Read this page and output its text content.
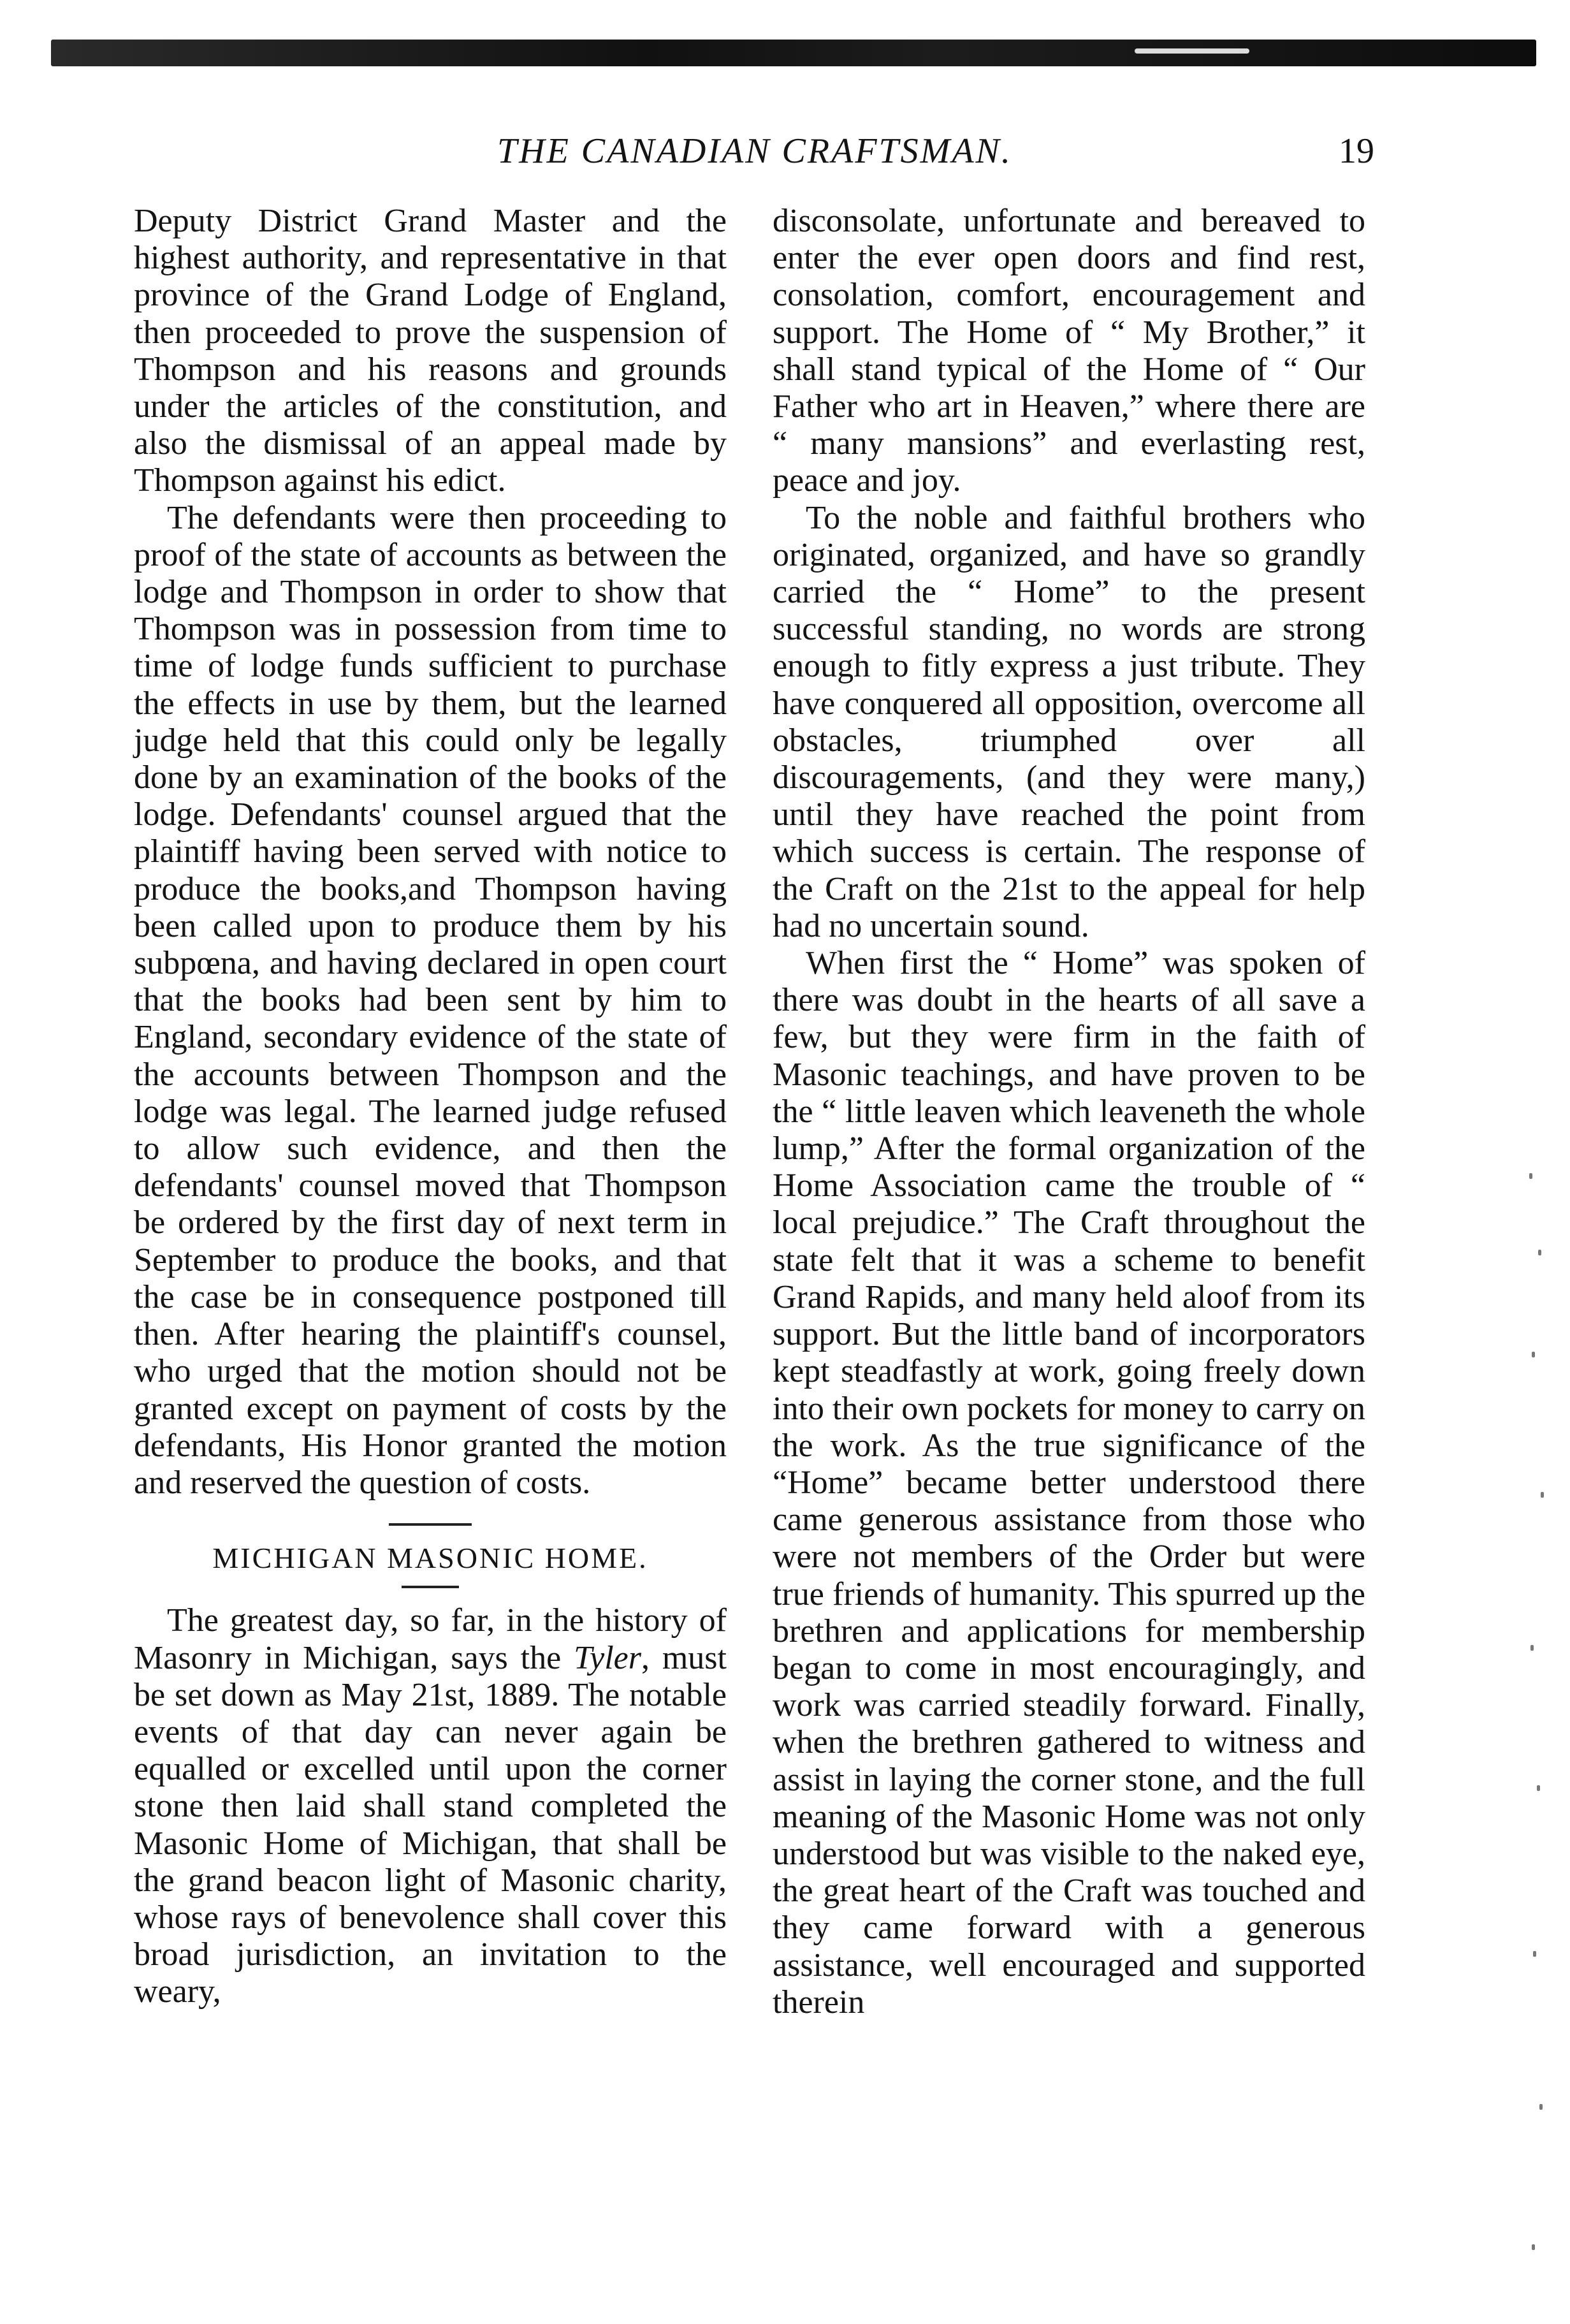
THE CANADIAN CRAFTSMAN.	19

Deputy District Grand Master and the highest authority, and representative in that province of the Grand Lodge of England, then proceeded to prove the suspension of Thompson and his reasons and grounds under the articles of the constitution, and also the dismissal of an appeal made by Thompson against his edict.

The defendants were then proceeding to proof of the state of accounts as between the lodge and Thompson in order to show that Thompson was in possession from time to time of lodge funds sufficient to purchase the effects in use by them, but the learned judge held that this could only be legally done by an examination of the books of the lodge. Defendants' counsel argued that the plaintiff having been served with notice to produce the books,and Thompson having been called upon to produce them by his subpœna, and having declared in open court that the books had been sent by him to England, secondary evidence of the state of the accounts between Thompson and the lodge was legal. The learned judge refused to allow such evidence, and then the defendants' counsel moved that Thompson be ordered by the first day of next term in September to produce the books, and that the case be in consequence postponed till then. After hearing the plaintiff's counsel, who urged that the motion should not be granted except on payment of costs by the defendants, His Honor granted the motion and reserved the question of costs.

MICHIGAN MASONIC HOME.

The greatest day, so far, in the history of Masonry in Michigan, says the Tyler, must be set down as May 21st, 1889. The notable events of that day can never again be equalled or excelled until upon the corner stone then laid shall stand completed the Masonic Home of Michigan, that shall be the grand beacon light of Masonic charity, whose rays of benevolence shall cover this broad jurisdiction, an invitation to the weary,

disconsolate, unfortunate and bereaved to enter the ever open doors and find rest, consolation, comfort, encouragement and support. The Home of “ My Brother,” it shall stand typical of the Home of “ Our Father who art in Heaven,” where there are “ many mansions” and everlasting rest, peace and joy.

To the noble and faithful brothers who originated, organized, and have so grandly carried the “ Home” to the present successful standing, no words are strong enough to fitly express a just tribute. They have conquered all opposition, overcome all obstacles, triumphed over all discouragements, (and they were many,) until they have reached the point from which success is certain. The response of the Craft on the 21st to the appeal for help had no uncertain sound.

When first the “ Home” was spoken of there was doubt in the hearts of all save a few, but they were firm in the faith of Masonic teachings, and have proven to be the “ little leaven which leaveneth the whole lump,” After the formal organization of the Home Association came the trouble of “ local prejudice.” The Craft throughout the state felt that it was a scheme to benefit Grand Rapids, and many held aloof from its support. But the little band of incorporators kept steadfastly at work, going freely down into their own pockets for money to carry on the work. As the true significance of the “Home” became better understood there came generous assistance from those who were not members of the Order but were true friends of humanity. This spurred up the brethren and applications for membership began to come in most encouragingly, and work was carried steadily forward. Finally, when the brethren gathered to witness and assist in laying the corner stone, and the full meaning of the Masonic Home was not only understood but was visible to the naked eye, the great heart of the Craft was touched and they came forward with a generous assistance, well encouraged and supported therein
